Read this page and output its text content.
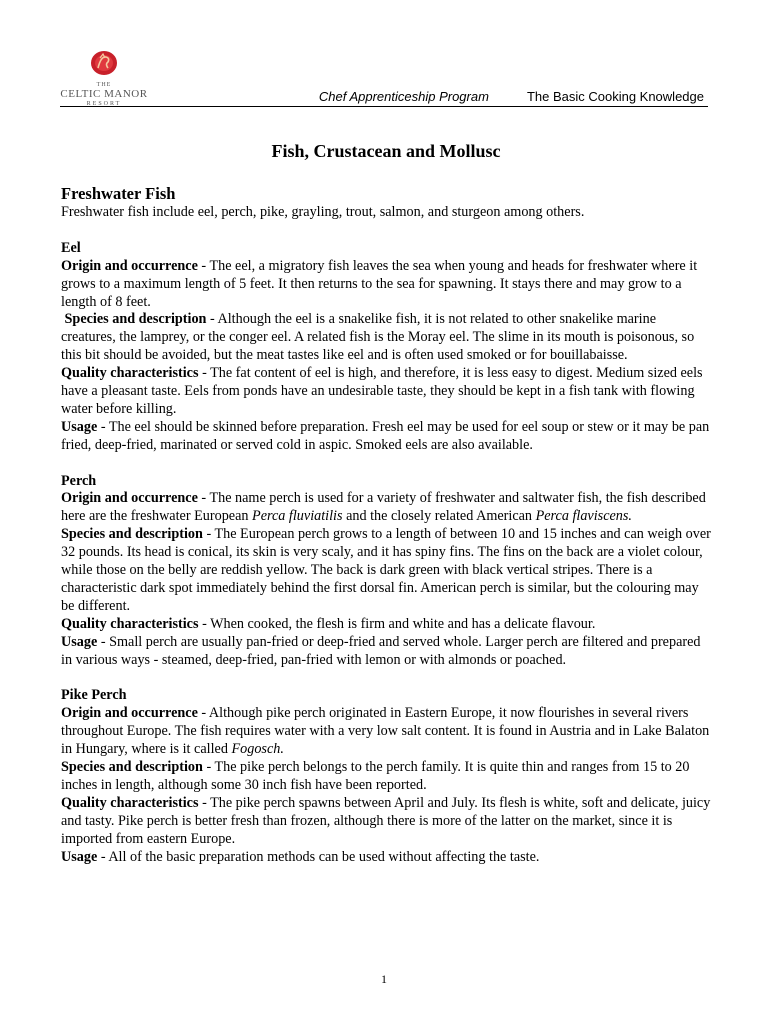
THE
CELTIC MANOR
RESORT	Chef Apprenticeship Program	The Basic Cooking Knowledge
Fish, Crustacean and Mollusc
Freshwater Fish

Freshwater fish include eel, perch, pike, grayling, trout, salmon, and sturgeon among others.

Eel

Origin and occurrence - The eel, a migratory fish leaves the sea when young and heads for freshwater where it grows to a maximum length of 5 feet. It then returns to the sea for spawning. It stays there and may grow to a length of 8 feet.

Species and description - Although the eel is a snakelike fish, it is not related to other snakelike marine creatures, the lamprey, or the conger eel. A related fish is the Moray eel. The slime in its mouth is poisonous, so this bit should be avoided, but the meat tastes like eel and is often used smoked or for bouillabaisse.

Quality characteristics - The fat content of eel is high, and therefore, it is less easy to digest. Medium sized eels have a pleasant taste. Eels from ponds have an undesirable taste, they should be kept in a fish tank with flowing water before killing.

Usage - The eel should be skinned before preparation. Fresh eel may be used for eel soup or stew or it may be pan fried, deep-fried, marinated or served cold in aspic. Smoked eels are also available.

Perch

Origin and occurrence - The name perch is used for a variety of freshwater and saltwater fish, the fish described here are the freshwater European Perca fluviatilis and the closely related American Perca flaviscens.

Species and description - The European perch grows to a length of between 10 and 15 inches and can weigh over 32 pounds. Its head is conical, its skin is very scaly, and it has spiny fins. The fins on the back are a violet colour, while those on the belly are reddish yellow. The back is dark green with black vertical stripes. There is a characteristic dark spot immediately behind the first dorsal fin. American perch is similar, but the colouring may be different.

Quality characteristics - When cooked, the flesh is firm and white and has a delicate flavour.

Usage - Small perch are usually pan-fried or deep-fried and served whole. Larger perch are filtered and prepared in various ways - steamed, deep-fried, pan-fried with lemon or with almonds or poached.

Pike Perch

Origin and occurrence - Although pike perch originated in Eastern Europe, it now flourishes in several rivers throughout Europe. The fish requires water with a very low salt content. It is found in Austria and in Lake Balaton in Hungary, where is it called Fogosch.

Species and description - The pike perch belongs to the perch family. It is quite thin and ranges from 15 to 20 inches in length, although some 30 inch fish have been reported.

Quality characteristics - The pike perch spawns between April and July. Its flesh is white, soft and delicate, juicy and tasty. Pike perch is better fresh than frozen, although there is more of the latter on the market, since it is imported from eastern Europe.

Usage - All of the basic preparation methods can be used without affecting the taste.

1
